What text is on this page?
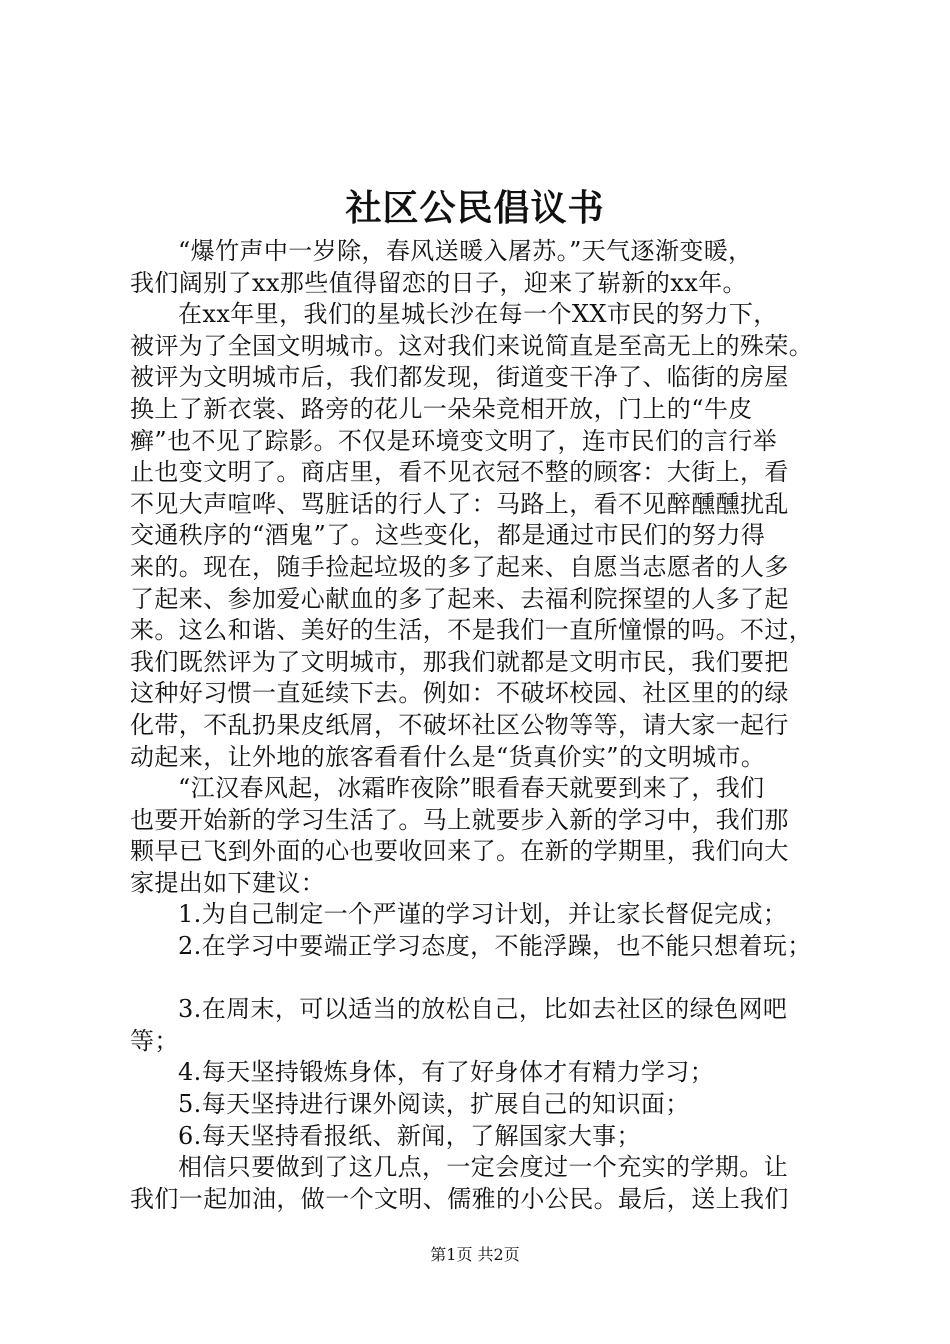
社区公民倡议书
“爆竹声中一岁除，春风送暖入屠苏。”天气逐渐变暖，
我们阔别了xx那些值得留恋的日子，迎来了崭新的xx年。
在xx年里，我们的星城长沙在每一个XX市民的努力下，
被评为了全国文明城市。这对我们来说简直是至高无上的殊荣。
被评为文明城市后，我们都发现，街道变干净了、临街的房屋
换上了新衣裳、路旁的花儿一朵朵竞相开放，门上的“牛皮
癣”也不见了踪影。不仅是环境变文明了，连市民们的言行举
止也变文明了。商店里，看不见衣冠不整的顾客：大街上，看
不见大声喧哗、骂脏话的行人了：马路上，看不见醉醺醺扰乱
交通秩序的“酒鬼”了。这些变化，都是通过市民们的努力得
来的。现在，随手捡起垃圾的多了起来、自愿当志愿者的人多
了起来、参加爱心献血的多了起来、去福利院探望的人多了起
来。这么和谐、美好的生活，不是我们一直所憧憬的吗。不过，
我们既然评为了文明城市，那我们就都是文明市民，我们要把
这种好习惯一直延续下去。例如：不破坏校园、社区里的的绿
化带，不乱扔果皮纸屑，不破坏社区公物等等，请大家一起行
动起来，让外地的旅客看看什么是“货真价实”的文明城市。
“江汉春风起，冰霜昨夜除”眼看春天就要到来了，我们
也要开始新的学习生活了。马上就要步入新的学习中，我们那
颗早已飞到外面的心也要收回来了。在新的学期里，我们向大
家提出如下建议：
1.为自己制定一个严谨的学习计划，并让家长督促完成；
2.在学习中要端正学习态度，不能浮躁，也不能只想着玩；
3.在周末，可以适当的放松自己，比如去社区的绿色网吧
等；
4.每天坚持锻炼身体，有了好身体才有精力学习；
5.每天坚持进行课外阅读，扩展自己的知识面；
6.每天坚持看报纸、新闻，了解国家大事；
相信只要做到了这几点，一定会度过一个充实的学期。让
我们一起加油，做一个文明、儒雅的小公民。最后，送上我们
第1页 共2页
